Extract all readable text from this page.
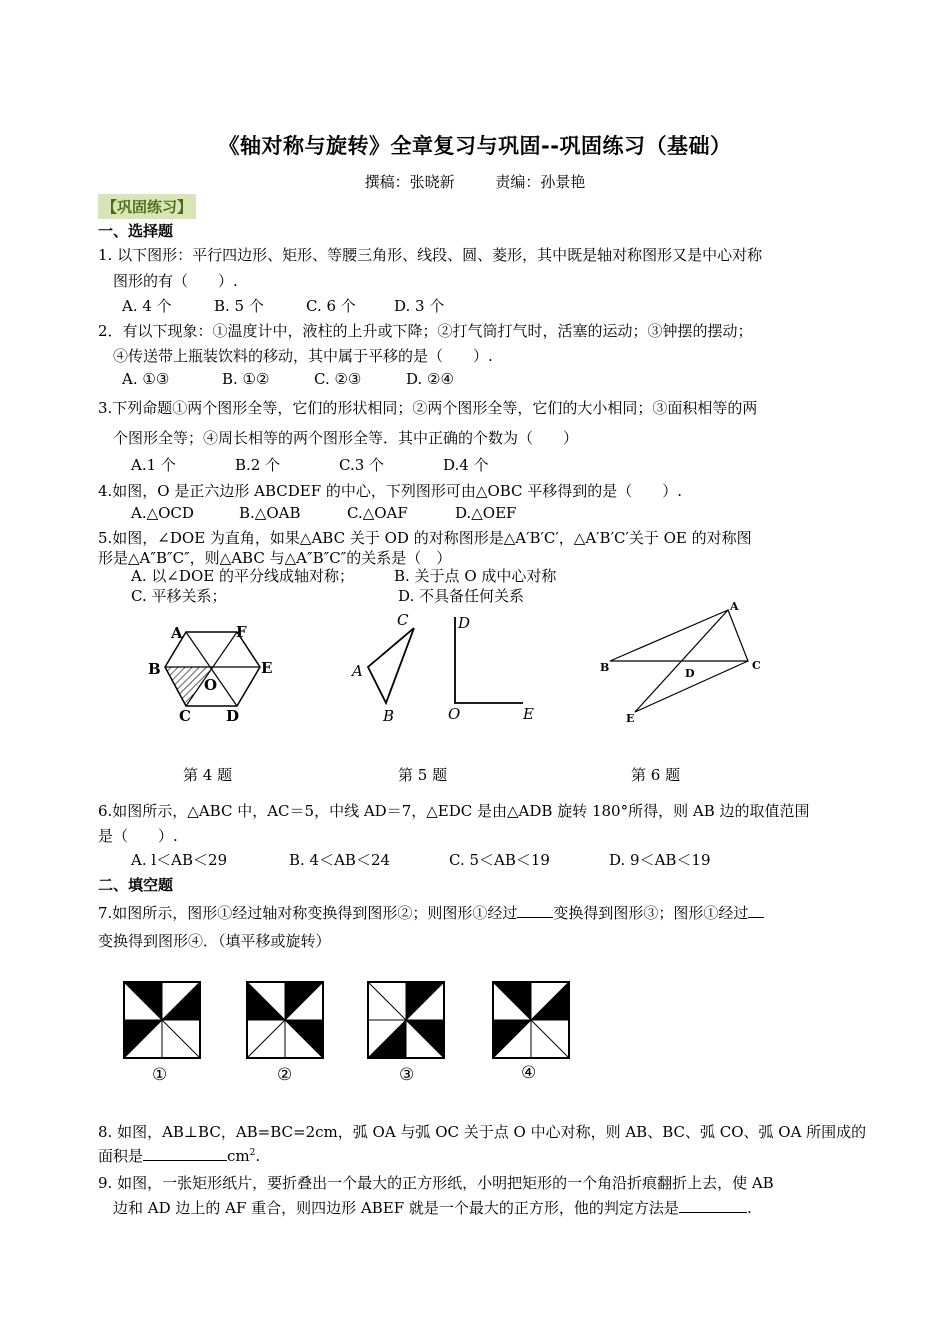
《轴对称与旋转》全章复习与巩固--巩固练习（基础）
撰稿：张晓新	责编：孙景艳
【巩固练习】
一、选择题
1. 以下图形：平行四边形、矩形、等腰三角形、线段、圆、菱形，其中既是轴对称图形又是中心对称
图形的有（　　）.
A. 4 个	B. 5 个	C. 6 个	D. 3 个
2．有以下现象：①温度计中，液柱的上升或下降；②打气筒打气时，活塞的运动；③钟摆的摆动；
④传送带上瓶装饮料的移动，其中属于平移的是（　　）.
A. ①③	B. ①②	C. ②③	D. ②④
3.下列命题①两个图形全等，它们的形状相同；②两个图形全等，它们的大小相同；③面积相等的两
个图形全等；④周长相等的两个图形全等．其中正确的个数为（　　）
A.1 个	B.2 个	C.3 个	D.4 个
4.如图，O 是正六边形 ABCDEF 的中心，下列图形可由△OBC 平移得到的是（　　）.
A.△OCD	B.△OAB	C.△OAF	D.△OEF
5.如图，∠DOE 为直角，如果△ABC 关于 OD 的对称图形是△A′B′C′，△A′B′C′关于 OE 的对称图
形是△A″B″C″，则△ABC 与△A″B″C″的关系是（　）
A. 以∠DOE 的平分线成轴对称；	B. 关于点 O 成中心对称
C. 平移关系；	D. 不具备任何关系
A	F
B	E
O
C D
C
A
B
D
O	E
A
B	C
D
E
第 4 题	第 5 题	第 6 题
6.如图所示，△ABC 中，AC＝5，中线 AD＝7，△EDC 是由△ADB 旋转 180°所得，则 AB 边的取值范围
是（　　）.
A. l＜AB＜29	B. 4＜AB＜24	C. 5＜AB＜19	D. 9＜AB＜19
二、填空题
7.如图所示，图形①经过轴对称变换得到图形②；则图形①经过 变换得到图形③；图形①经过
变换得到图形④．（填平移或旋转）
①	②	③	④
8. 如图，AB⊥BC，AB=BC=2cm，弧 OA 与弧 OC 关于点 O 中心对称，则 AB、BC、弧 CO、弧 OA 所围成的
面积是	$cm^2$.
9. 如图，一张矩形纸片，要折叠出一个最大的正方形纸，小明把矩形的一个角沿折痕翻折上去，使 AB
边和 AD 边上的 AF 重合，则四边形 ABEF 就是一个最大的正方形，他的判定方法是	.
